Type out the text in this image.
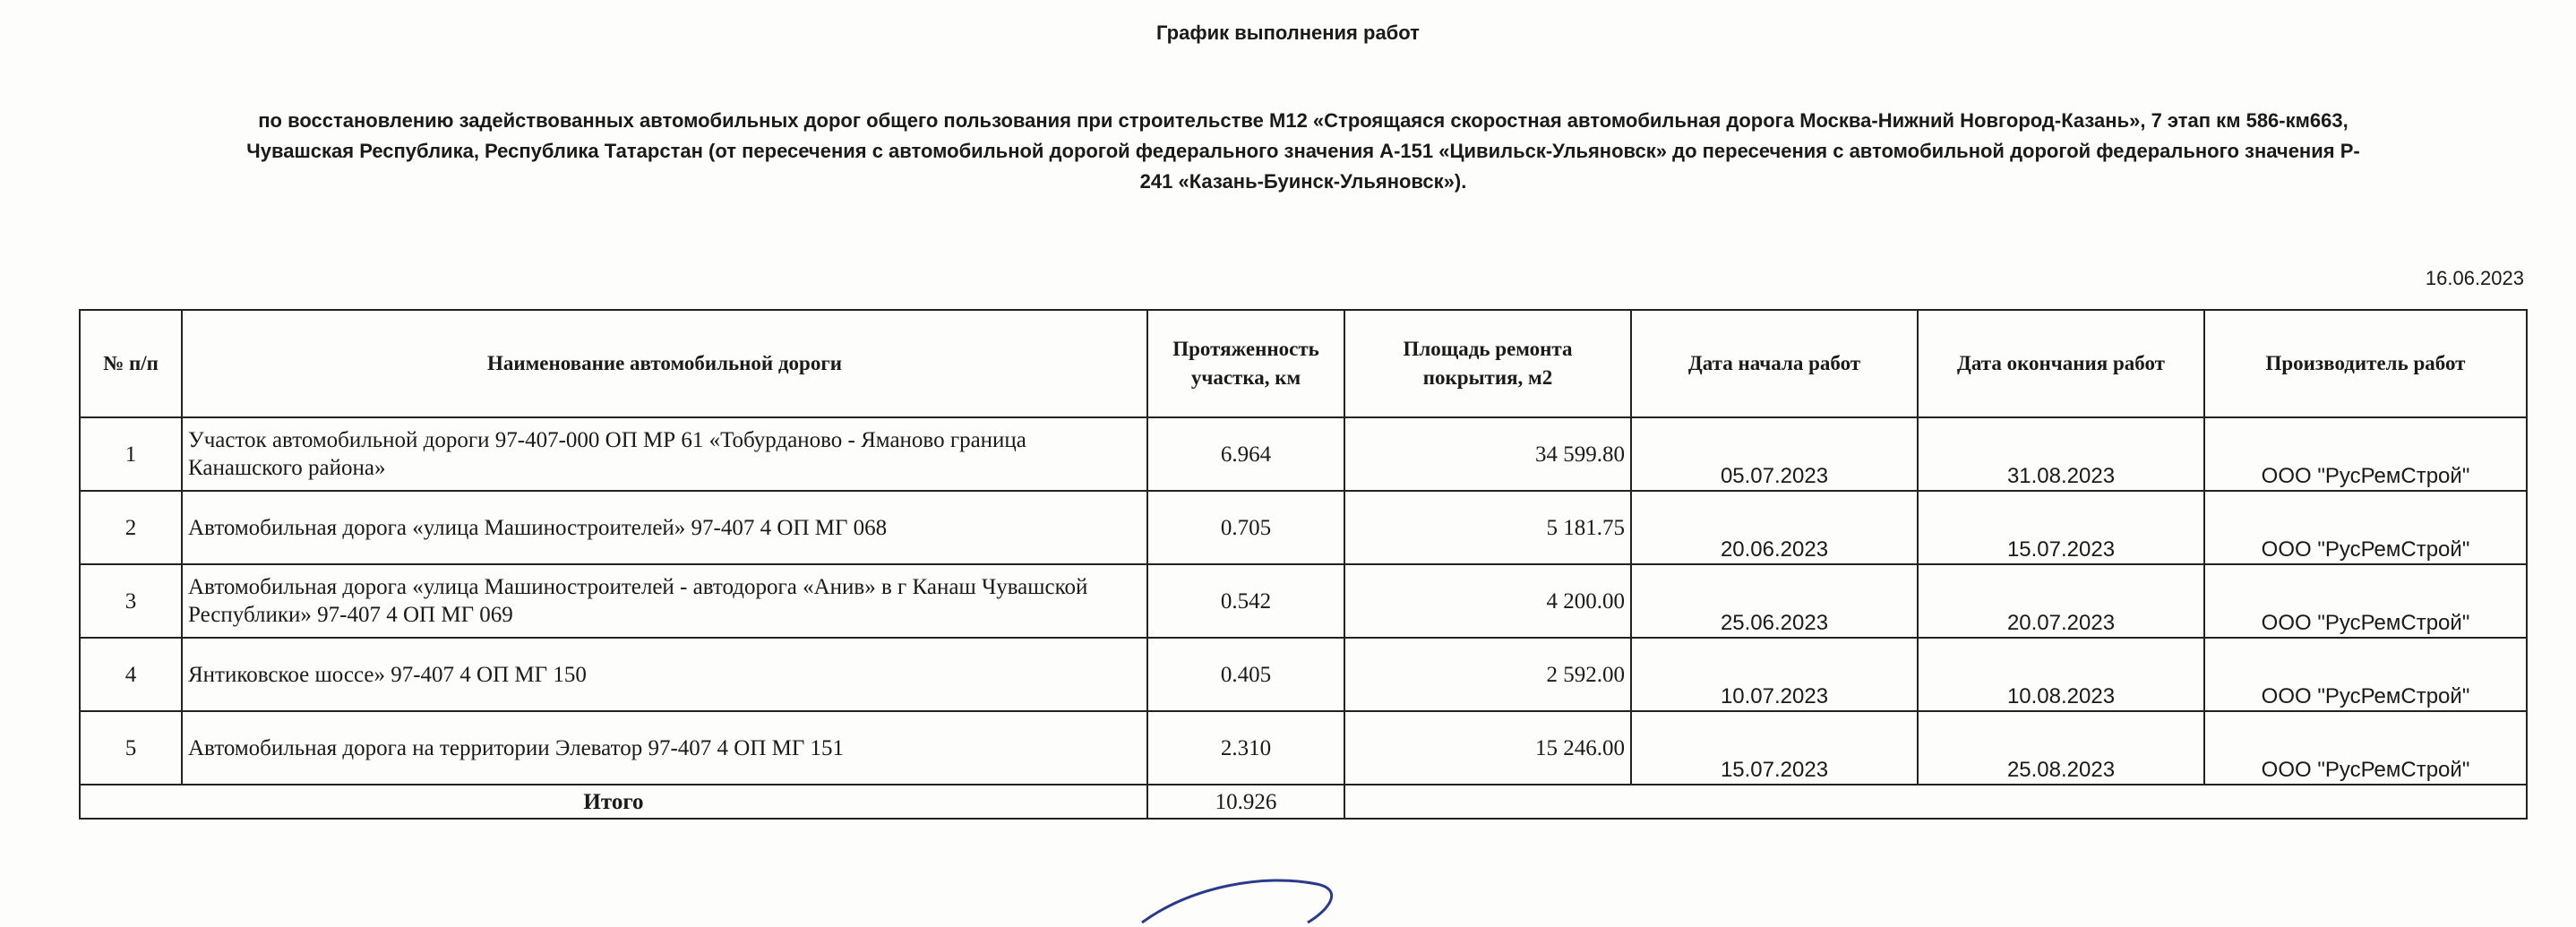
График выполнения работ
по восстановлению задействованных автомобильных дорог общего пользования при строительстве М12 «Строящаяся скоростная автомобильная дорога Москва-Нижний Новгород-Казань», 7 этап км 586-км663,
Чувашская Республика, Республика Татарстан (от пересечения с автомобильной дорогой федерального значения А-151 «Цивильск-Ульяновск» до пересечения с автомобильной дорогой федерального значения Р-
241 «Казань-Буинск-Ульяновск»).
16.06.2023
№ п/п	Наименование автомобильной дороги	Протяженность участка, км	Площадь ремонта покрытия, м2	Дата начала работ	Дата окончания работ	Производитель работ
1	Участок автомобильной дороги 97-407-000 ОП МР 61 «Тобурданово - Яманово граница Канашского района»	6.964	34 599.80	05.07.2023	31.08.2023	ООО "РусРемСтрой"
2	Автомобильная дорога «улица Машиностроителей» 97-407 4 ОП МГ 068	0.705	5 181.75	20.06.2023	15.07.2023	ООО "РусРемСтрой"
3	Автомобильная дорога «улица Машиностроителей - автодорога «Анив» в г Канаш Чувашской Республики» 97-407 4 ОП МГ 069	0.542	4 200.00	25.06.2023	20.07.2023	ООО "РусРемСтрой"
4	Янтиковское шоссе» 97-407 4 ОП МГ 150	0.405	2 592.00	10.07.2023	10.08.2023	ООО "РусРемСтрой"
5	Автомобильная дорога на территории Элеватор 97-407 4 ОП МГ 151	2.310	15 246.00	15.07.2023	25.08.2023	ООО "РусРемСтрой"
Итого		10.926				
